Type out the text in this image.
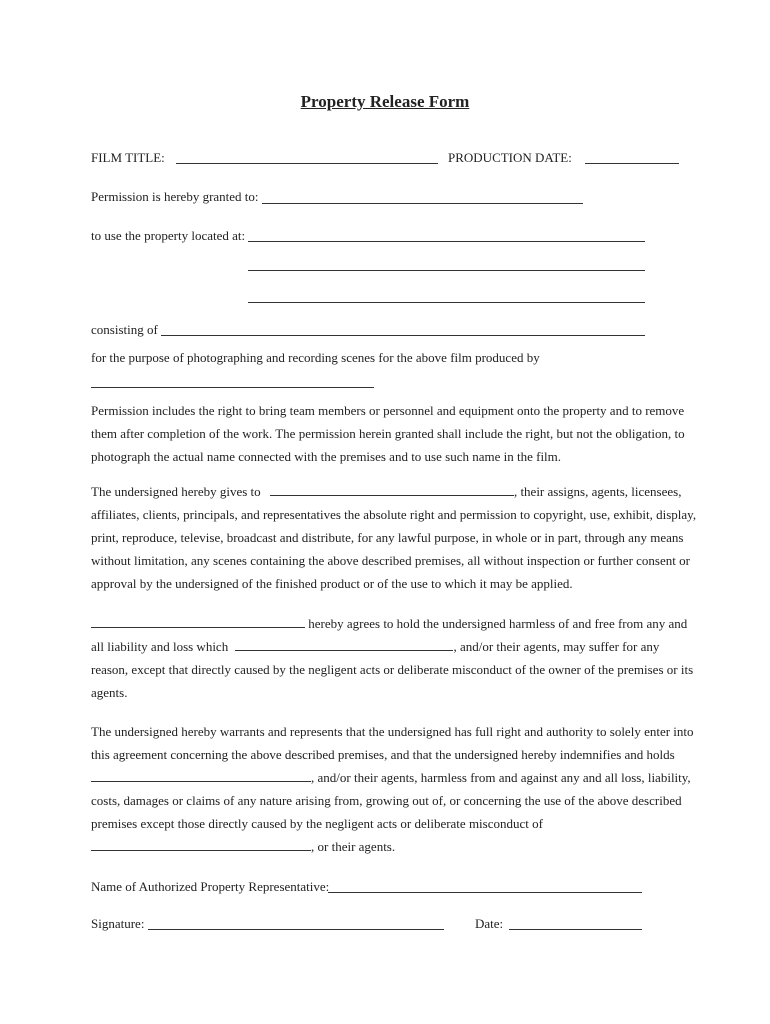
Property Release Form
FILM TITLE:	PRODUCTION DATE:
Permission is hereby granted to:
to use the property located at:
consisting of
for the purpose of photographing and recording scenes for the above film produced by
Permission includes the right to bring team members or personnel and equipment onto the property and to remove
them after completion of the work. The permission herein granted shall include the right, but not the obligation, to
photograph the actual name connected with the premises and to use such name in the film.
The undersigned hereby gives to	, their assigns, agents, licensees,
affiliates, clients, principals, and representatives the absolute right and permission to copyright, use, exhibit, display,
print, reproduce, televise, broadcast and distribute, for any lawful purpose, in whole or in part, through any means
without limitation, any scenes containing the above described premises, all without inspection or further consent or
approval by the undersigned of the finished product or of the use to which it may be applied.
hereby agrees to hold the undersigned harmless of and free from any and
all liability and loss which	, and/or their agents, may suffer for any
reason, except that directly caused by the negligent acts or deliberate misconduct of the owner of the premises or its
agents.
The undersigned hereby warrants and represents that the undersigned has full right and authority to solely enter into
this agreement concerning the above described premises, and that the undersigned hereby indemnifies and holds
, and/or their agents, harmless from and against any and all loss, liability,
costs, damages or claims of any nature arising from, growing out of, or concerning the use of the above described
premises except those directly caused by the negligent acts or deliberate misconduct of
, or their agents.
Name of Authorized Property Representative:
Signature:	Date:
